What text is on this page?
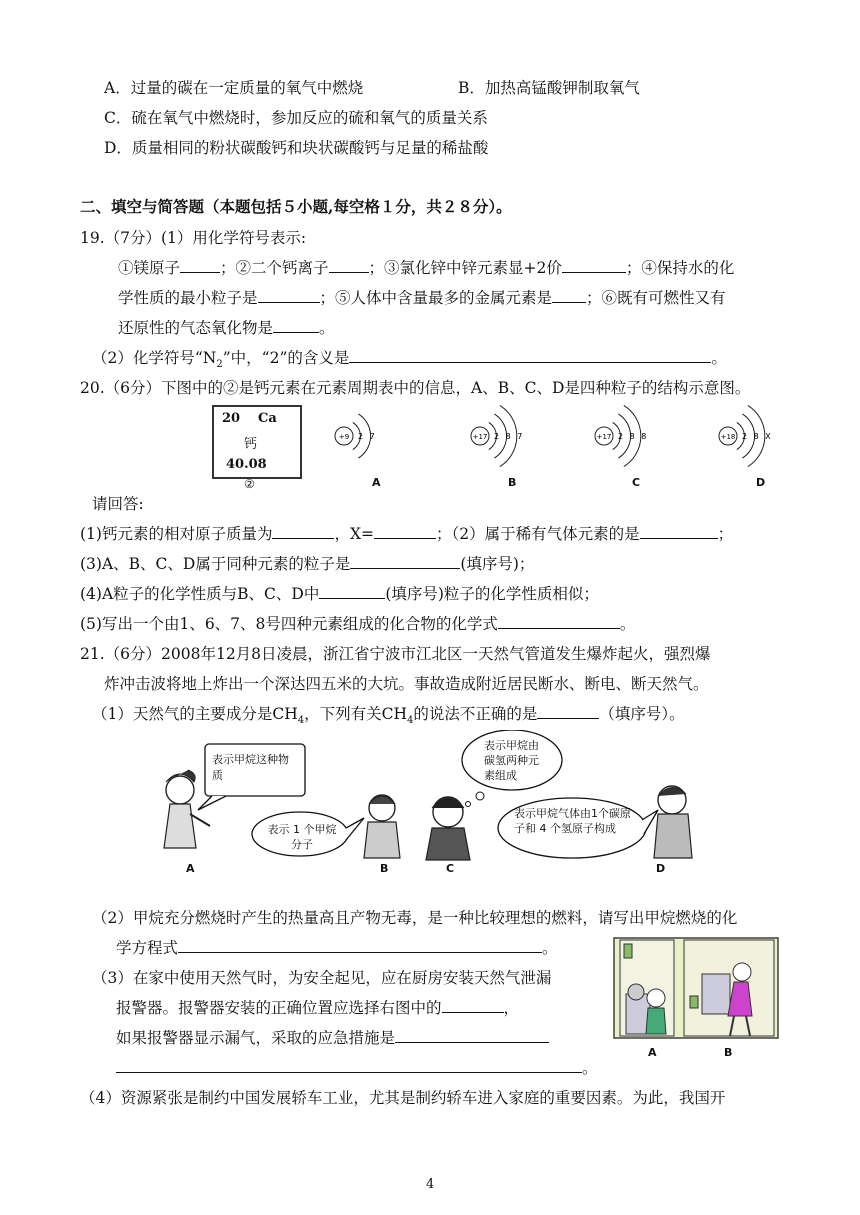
A．过量的碳在一定质量的氧气中燃烧	B．加热高锰酸钾制取氧气
C．硫在氧气中燃烧时，参加反应的硫和氧气的质量关系
D．质量相同的粉状碳酸钙和块状碳酸钙与足量的稀盐酸
二、填空与简答题（本题包括５小题,每空格１分，共２８分）。
19.（7分）(1）用化学符号表示:
①镁原子	；②二个钙离子	；③氯化锌中锌元素显+2价	；④保持水的化
学性质的最小粒子是	；⑤人体中含量最多的金属元素是 ；⑥既有可燃性又有
还原性的气态氧化物是	。
（2）化学符号“$N_2$”中，“2”的含义是	。
20.（6分）下图中的②是钙元素在元素周期表中的信息，A、B、C、D是四种粒子的结构示意图。
20 Ca
钙
40.08
②
+9 2 7
A
+17 2 8 7
B
+17 2 8 8
C
+18 2 8 X
D
请回答:
(1)钙元素的相对原子质量为	，X=	；（2）属于稀有气体元素的是	；
(3)A、B、C、D属于同种元素的粒子是	(填序号)；
(4)A粒子的化学性质与B、C、D中	(填序号)粒子的化学性质相似；
(5)写出一个由1、6、7、8号四种元素组成的化合物的化学式	。
21.（6分）2008年12月8日凌晨，浙江省宁波市江北区一天然气管道发生爆炸起火，强烈爆
炸冲击波将地上炸出一个深达四五米的大坑。事故造成附近居民断水、断电、断天然气。
（1）天然气的主要成分是$CH_4$，下列有关$CH_4$的说法不正确的是	（填序号）。
表示甲烷这种物质
表示 1 个甲烷分子
表示甲烷由碳氢两种元素组成
表示甲烷气体由1个碳原子和 4 个氢原子构成
A	B	C	D
（2）甲烷充分燃烧时产生的热量高且产物无毒，是一种比较理想的燃料，请写出甲烷燃烧的化
学方程式	。
（3）在家中使用天然气时，为安全起见，应在厨房安装天然气泄漏
报警器。报警器安装的正确位置应选择右图中的	，
如果报警器显示漏气，采取的应急措施是
。
A	B
（4）资源紧张是制约中国发展轿车工业，尤其是制约轿车进入家庭的重要因素。为此，我国开
4
